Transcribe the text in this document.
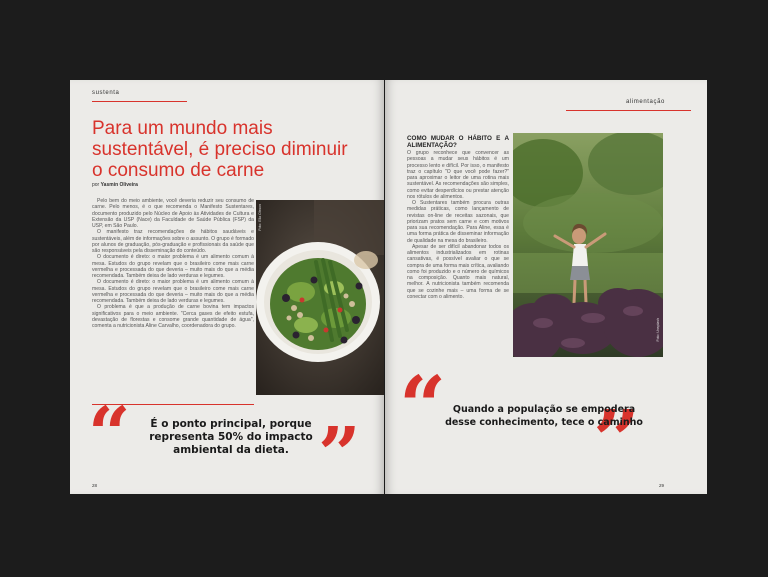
sustenta
Para um mundo mais sustentável, é preciso diminuir o consumo de carne
por Yasmin Oliveira

Pelo bem do meio ambiente, você deveria reduzir seu consumo de carne. Pelo menos, é o que recomenda o Manifesto Sustentares, documento produzido pelo Núcleo de Apoio às Atividades de Cultura e Extensão da USP (Nace) da Faculdade de Saúde Pública (FSP) da USP, em São Paulo.

O manifesto traz recomendações de hábitos saudáveis e sustentáveis, além de informações sobre o assunto. O grupo é formado por alunos de graduação, pós-graduação e profissionais da saúde que são responsáveis pela disseminação do conteúdo.

O documento é direto: o maior problema é um alimento comum à mesa. Estudos do grupo revelam que o brasileiro come mais carne vermelha e processada do que deveria – muito mais do que a média recomendada. Também deixa de lado verduras e legumes.

O documento é direto: o maior problema é um alimento comum à mesa. Estudos do grupo revelam que o brasileiro come mais carne vermelha e processada do que deveria – muito mais do que a média recomendada. Também deixa de lado verduras e legumes.

O problema é que a produção de carne bovina tem impactos significativos para o meio ambiente. "Cerca gases de efeito estufa, devastação de florestas e consome grande quantidade de água", comenta a nutricionista Aline Carvalho, coordenadora do grupo.

Foto: Ella Olsson
“	”
É o ponto principal, porque
representa 50% do impacto
ambiental da dieta.
28
alimentação
COMO MUDAR O HÁBITO E A ALIMENTAÇÃO?

O grupo reconhece que convencer as pessoas a mudar seus hábitos é um processo lento e difícil. Por isso, o manifesto traz o capítulo "O que você pode fazer?" para aproximar o leitor de uma rotina mais sustentável. As recomendações são simples, como evitar desperdícios ou prestar atenção nos rótulos de alimentos.

O Sustentares também procura outras medidas práticas, como lançamento de revistas on-line de receitas sazonais, que priorizam pratos sem carne e com motivos para sua recomendação. Para Aline, essa é uma forma prática de disseminar informação de qualidade na mesa do brasileiro.

Apesar de ser difícil abandonar todos os alimentos industrializados em rotinas cansativas, é possível avaliar o que se compra de uma forma mais crítica, avaliando como foi produzido e o número de químicos na composição. Quanto mais natural, melhor. A nutricionista também recomenda que se cozinhe mais – uma forma de se conectar com o alimento.

Foto: Unsplash
“ ”
Quando a população se empodera
desse conhecimento, tece o caminho
29
